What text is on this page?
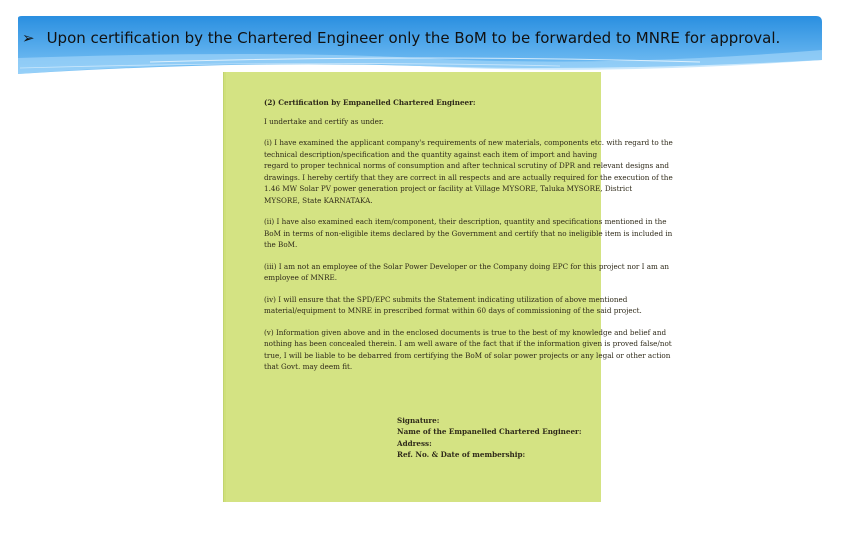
➢ Upon certification by the Chartered Engineer only the BoM to be forwarded to MNRE for approval.

(2) Certification by Empanelled Chartered Engineer:

I undertake and certify as under.

(i) I have examined the applicant company's requirements of new materials, components etc. with regard to the
technical description/specification and the quantity against each item of import and having
regard to proper technical norms of consumption and after technical scrutiny of DPR and relevant designs and
drawings. I hereby certify that they are correct in all respects and are actually required for the execution of the
1.46 MW Solar PV power generation project or facility at Village MYSORE, Taluka MYSORE, District
MYSORE, State KARNATAKA.

(ii) I have also examined each item/component, their description, quantity and specifications mentioned in the
BoM in terms of non-eligible items declared by the Government and certify that no ineligible item is included in
the BoM.

(iii) I am not an employee of the Solar Power Developer or the Company doing EPC for this project nor I am an
employee of MNRE.

(iv) I will ensure that the SPD/EPC submits the Statement indicating utilization of above mentioned
material/equipment to MNRE in prescribed format within 60 days of commissioning of the said project.

(v) Information given above and in the enclosed documents is true to the best of my knowledge and belief and
nothing has been concealed therein. I am well aware of the fact that if the information given is proved false/not
true, I will be liable to be debarred from certifying the BoM of solar power projects or any legal or other action
that Govt. may deem fit.

Signature:
Name of the Empanelled Chartered Engineer:
Address:
Ref. No. & Date of membership:
